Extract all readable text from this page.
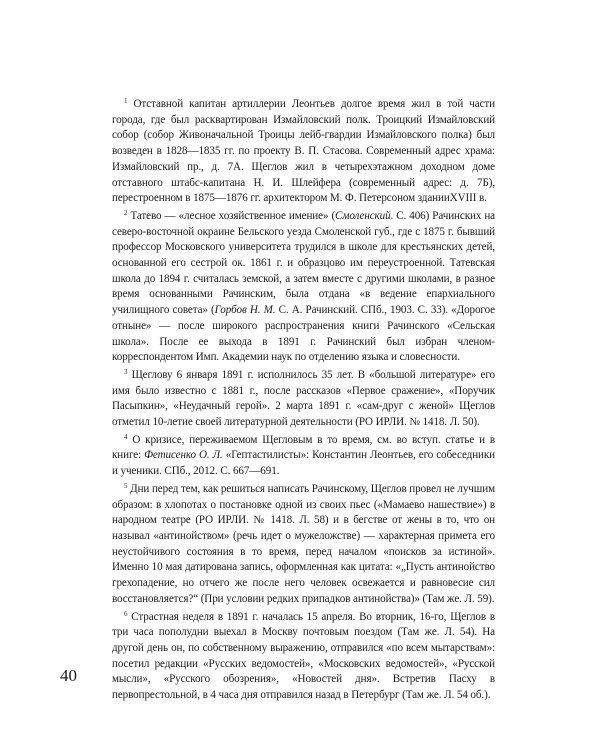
$^1$ Отставной капитан артиллерии Леонтьев долгое время жил в той части города, где был расквартирован Измайловский полк. Троицкий Измайловский собор (собор Живоначальной Троицы лейб-гвардии Измайловского полка) был возведен в 1828—1835 гг. по проекту В. П. Стасова. Современный адрес храма: Измайловский пр., д. 7А. Щеглов жил в четырехэтажном доходном доме отставного штабс-капитана Н. И. Шлейфера (современный адрес: д. 7Б), перестроенном в 1875—1876 гг. архитектором М. Ф. Петерсоном зданииXVIII в.

$^2$ Татево — «лесное хозяйственное имение» (Смоленский. С. 406) Рачинских на северо-восточной окраине Бельского уезда Смоленской губ., где с 1875 г. бывший профессор Московского университета трудился в школе для крестьянских детей, основанной его сестрой ок. 1861 г. и образцово им переустроенной. Татевская школа до 1894 г. считалась земской, а затем вместе с другими школами, в разное время основанными Рачинским, была отдана «в ведение епархиального училищного совета» (Горбов Н. М. С. А. Рачинский. СПб., 1903. С. 33). «Дорогое отныне» — после широкого распространения книги Рачинского «Сельская школа». После ее выхода в 1891 г. Рачинский был избран членом-корреспондентом Имп. Академии наук по отделению языка и словесности.

$^3$ Щеглову 6 января 1891 г. исполнилось 35 лет. В «большой литературе» его имя было известно с 1881 г., после рассказов «Первое сражение», «Поручик Пасыпкин», «Неудачный герой». 2 марта 1891 г. «сам-друг с женой» Щеглов отметил 10-летие своей литературной деятельности (РО ИРЛИ. № 1418. Л. 50).

$^4$ О кризисе, переживаемом Щегловым в то время, см. во вступ. статье и в книге: Фетисенко О. Л. «Гептастилисты»: Константин Леонтьев, его собеседники и ученики. СПб., 2012. С. 667—691.

$^5$ Дни перед тем, как решиться написать Рачинскому, Щеглов провел не лучшим образом: в хлопотах о постановке одной из своих пьес («Мамаево нашествие») в народном театре (РО ИРЛИ. № 1418. Л. 58) и в бегстве от жены в то, что он называл «антинойством» (речь идет о мужеложстве) — характерная примета его неустойчивого состояния в то время, перед началом «поисков за истиной». Именно 10 мая датирована запись, оформленная как цитата: «„Пусть антинойство грехопадение, но отчего же после него человек освежается и равновесие сил восстановляется?“ (При условии редких припадков антинойства)» (Там же. Л. 59).

$^6$ Страстная неделя в 1891 г. началась 15 апреля. Во вторник, 16-го, Щеглов в три часа пополудни выехал в Москву почтовым поездом (Там же. Л. 54). На другой день он, по собственному выражению, отправился «по всем мытарствам»: посетил редакции «Русских ведомостей», «Московских ведомостей», «Русской мысли», «Русского обозрения», «Новостей дня». Встретив Пасху в первопрестольной, в 4 часа дня отправился назад в Петербург (Там же. Л. 54 об.).

40
